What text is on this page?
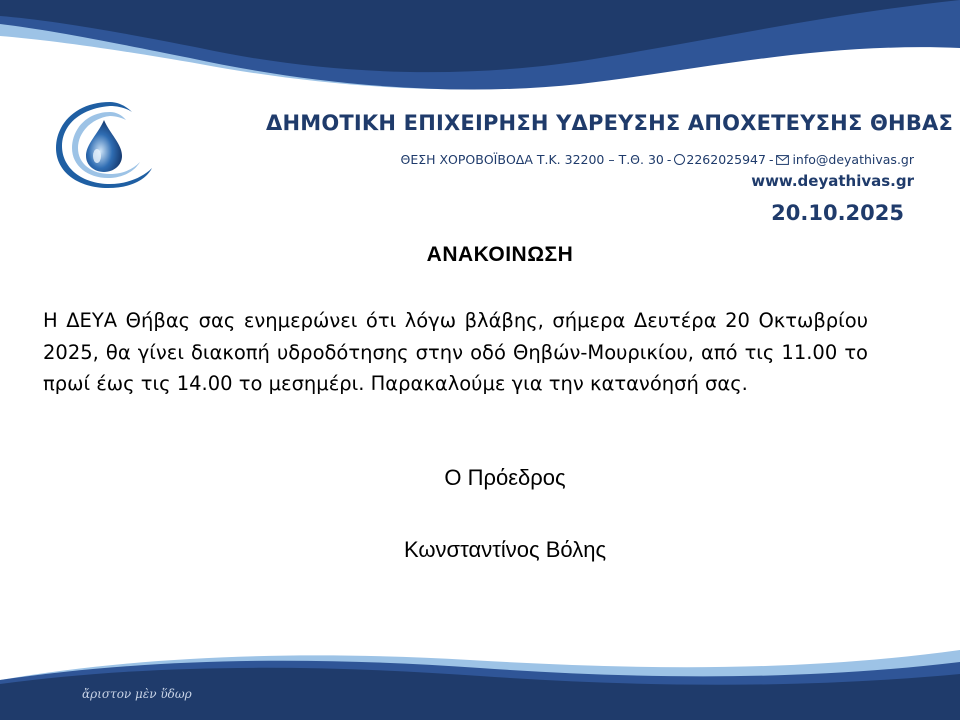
ΔΗΜΟΤΙΚΗ ΕΠΙΧΕΙΡΗΣΗ ΥΔΡΕΥΣΗΣ ΑΠΟΧΕΤΕΥΣΗΣ ΘΗΒΑΣ
ΘΕΣΗ ΧΟΡΟΒΟΪΒΟΔΑ Τ.Κ. 32200 – Τ.Θ. 30 - 2262025947 - info@deyathivas.gr
www.deyathivas.gr
20.10.2025
ΑΝΑΚΟΙΝΩΣΗ
Η ΔΕΥΑ Θήβας σας ενημερώνει ότι λόγω βλάβης, σήμερα Δευτέρα 20 Οκτωβρίου 2025, θα γίνει διακοπή υδροδότησης στην οδό Θηβών-Μουρικίου, από τις 11.00 το πρωί έως τις 14.00 το μεσημέρι. Παρακαλούμε για την κατανόησή σας.
Ο Πρόεδρος
Κωνσταντίνος Βόλης
ἄριστον μὲν ὕδωρ
